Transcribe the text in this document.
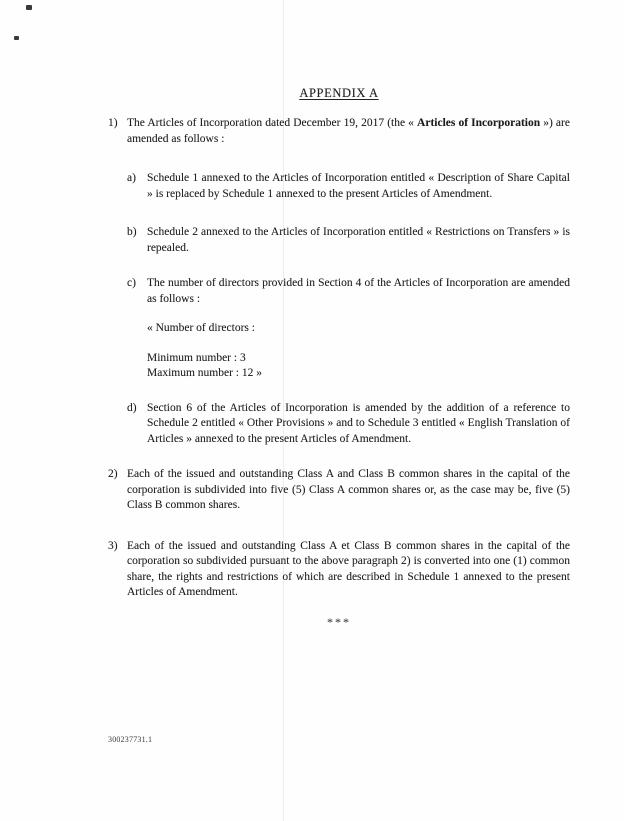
APPENDIX A
1) The Articles of Incorporation dated December 19, 2017 (the « Articles of Incorporation ») are amended as follows :
a) Schedule 1 annexed to the Articles of Incorporation entitled « Description of Share Capital » is replaced by Schedule 1 annexed to the present Articles of Amendment.
b) Schedule 2 annexed to the Articles of Incorporation entitled « Restrictions on Transfers » is repealed.
c) The number of directors provided in Section 4 of the Articles of Incorporation are amended as follows :
« Number of directors :
Minimum number : 3
Maximum number : 12 »
d) Section 6 of the Articles of Incorporation is amended by the addition of a reference to Schedule 2 entitled « Other Provisions » and to Schedule 3 entitled « English Translation of Articles » annexed to the present Articles of Amendment.
2) Each of the issued and outstanding Class A and Class B common shares in the capital of the corporation is subdivided into five (5) Class A common shares or, as the case may be, five (5) Class B common shares.
3) Each of the issued and outstanding Class A et Class B common shares in the capital of the corporation so subdivided pursuant to the above paragraph 2) is converted into one (1) common share, the rights and restrictions of which are described in Schedule 1 annexed to the present Articles of Amendment.
***
300237731.1
